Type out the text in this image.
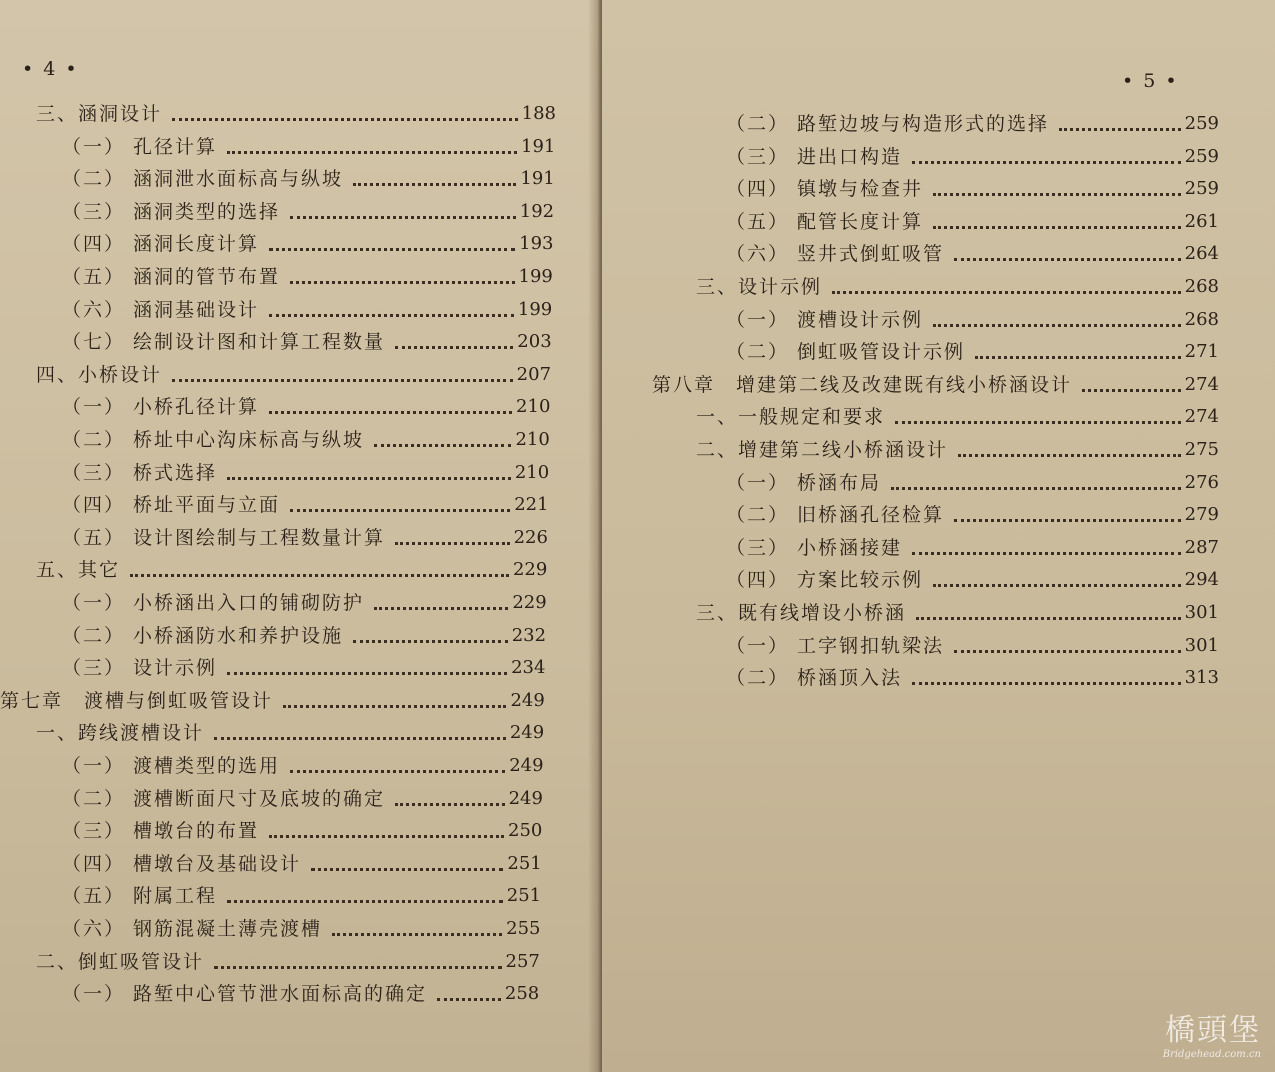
• 4 •
三、涵洞设计	188
（一） 孔径计算	191
（二） 涵洞泄水面标高与纵坡	191
（三） 涵洞类型的选择	192
（四） 涵洞长度计算	193
（五） 涵洞的管节布置	199
（六） 涵洞基础设计	199
（七） 绘制设计图和计算工程数量	203
四、小桥设计	207
（一） 小桥孔径计算	210
（二） 桥址中心沟床标高与纵坡	210
（三） 桥式选择	210
（四） 桥址平面与立面	221
（五） 设计图绘制与工程数量计算	226
五、其它	229
（一） 小桥涵出入口的铺砌防护	229
（二） 小桥涵防水和养护设施	232
（三） 设计示例	234
第七章　渡槽与倒虹吸管设计	249
一、跨线渡槽设计	249
（一） 渡槽类型的选用	249
（二） 渡槽断面尺寸及底坡的确定	249
（三） 槽墩台的布置	250
（四） 槽墩台及基础设计	251
（五） 附属工程	251
（六） 钢筋混凝土薄壳渡槽	255
二、倒虹吸管设计	257
（一） 路堑中心管节泄水面标高的确定	258
• 5 •
（二） 路堑边坡与构造形式的选择	259
（三） 进出口构造	259
（四） 镇墩与检查井	259
（五） 配管长度计算	261
（六） 竖井式倒虹吸管	264
三、设计示例	268
（一） 渡槽设计示例	268
（二） 倒虹吸管设计示例	271
第八章　增建第二线及改建既有线小桥涵设计	274
一、一般规定和要求	274
二、增建第二线小桥涵设计	275
（一） 桥涵布局	276
（二） 旧桥涵孔径检算	279
（三） 小桥涵接建	287
（四） 方案比较示例	294
三、既有线增设小桥涵	301
（一） 工字钢扣轨梁法	301
（二） 桥涵顶入法	313
橋頭堡
Bridgehead.com.cn
